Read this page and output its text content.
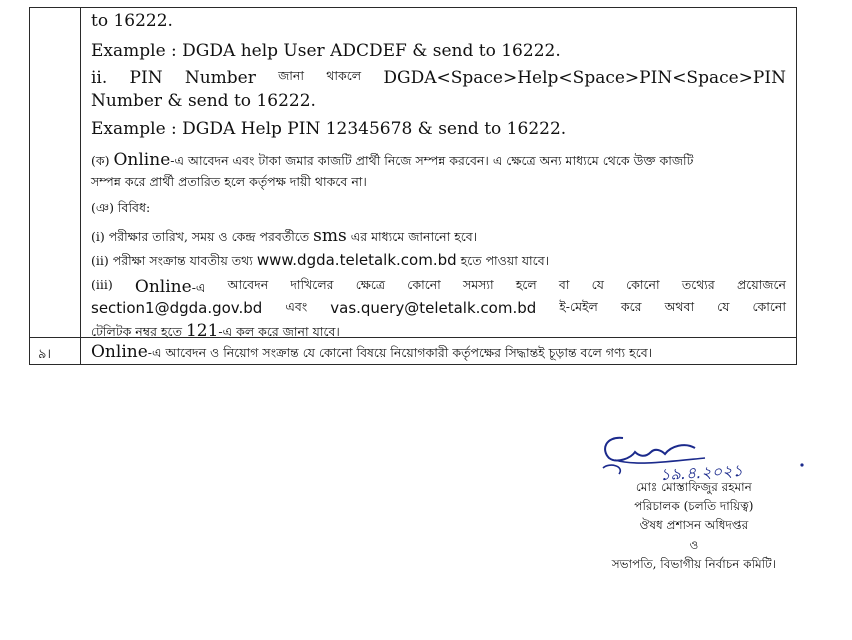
to 16222.
Example : DGDA help User ADCDEF & send to 16222.
ii. PIN Number জানা থাকলে DGDA<Space>Help<Space>PIN<Space>PIN
Number & send to 16222.
Example : DGDA Help PIN 12345678 & send to 16222.
(ক) Online-এ আবেদন এবং টাকা জমার কাজটি প্রার্থী নিজে সম্পন্ন করবেন। এ ক্ষেত্রে অন্য মাধ্যমে থেকে উক্ত কাজটি
সম্পন্ন করে প্রার্থী প্রতারিত হলে কর্তৃপক্ষ দায়ী থাকবে না।
(ঞ) বিবিধ:
(i) পরীক্ষার তারিখ, সময় ও কেন্দ্র পরবর্তীতে sms এর মাধ্যমে জানানো হবে।
(ii) পরীক্ষা সংক্রান্ত যাবতীয় তথ্য www.dgda.teletalk.com.bd হতে পাওয়া যাবে।
(iii) Online-এ আবেদন দাখিলের ক্ষেত্রে কোনো সমস্যা হলে বা যে কোনো তথ্যের প্রয়োজনে
section1@dgda.gov.bd এবং vas.query@teletalk.com.bd ই-মেইল করে অথবা যে কোনো
টেলিটক নম্বর হতে 121-এ কল করে জানা যাবে।
৯। Online-এ আবেদন ও নিয়োগ সংক্রান্ত যে কোনো বিষয়ে নিয়োগকারী কর্তৃপক্ষের সিদ্ধান্তই চূড়ান্ত বলে গণ্য হবে।
মোঃ মোস্তাফিজুর রহমান
পরিচালক (চলতি দায়িত্ব)
ঔষধ প্রশাসন অধিদপ্তর
ও
সভাপতি, বিভাগীয় নির্বাচন কমিটি।
১৯.৪.২০২১
